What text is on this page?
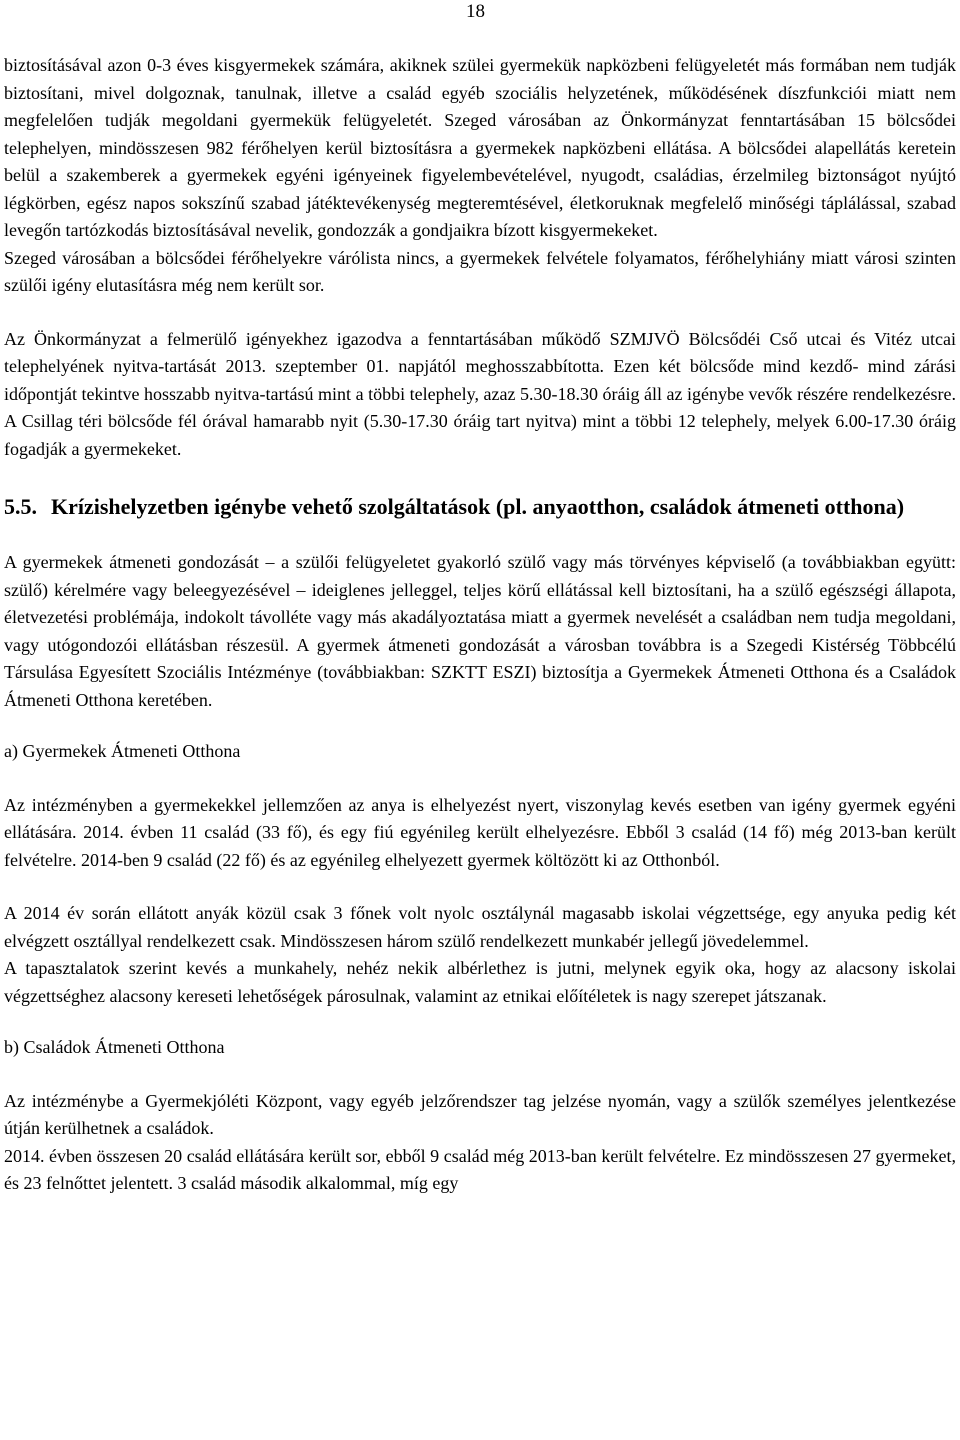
18

biztosításával azon 0-3 éves kisgyermekek számára, akiknek szülei gyermekük napközbeni felügyeletét más formában nem tudják biztosítani, mivel dolgoznak, tanulnak, illetve a család egyéb szociális helyzetének, működésének díszfunkciói miatt nem megfelelően tudják megoldani gyermekük felügyeletét. Szeged városában az Önkormányzat fenntartásában 15 bölcsődei telephelyen, mindösszesen 982 férőhelyen kerül biztosításra a gyermekek napközbeni ellátása. A bölcsődei alapellátás keretein belül a szakemberek a gyermekek egyéni igényeinek figyelembevételével, nyugodt, családias, érzelmileg biztonságot nyújtó légkörben, egész napos sokszínű szabad játéktevékenység megteremtésével, életkoruknak megfelelő minőségi táplálással, szabad levegőn tartózkodás biztosításával nevelik, gondozzák a gondjaikra bízott kisgyermekeket.

Szeged városában a bölcsődei férőhelyekre várólista nincs, a gyermekek felvétele folyamatos, férőhelyhiány miatt városi szinten szülői igény elutasításra még nem került sor.

Az Önkormányzat a felmerülő igényekhez igazodva a fenntartásában működő SZMJVÖ Bölcsődéi Cső utcai és Vitéz utcai telephelyének nyitva-tartását 2013. szeptember 01. napjától meghosszabbította. Ezen két bölcsőde mind kezdő- mind zárási időpontját tekintve hosszabb nyitva-tartású mint a többi telephely, azaz 5.30-18.30 óráig áll az igénybe vevők részére rendelkezésre. A Csillag téri bölcsőde fél órával hamarabb nyit (5.30-17.30 óráig tart nyitva) mint a többi 12 telephely, melyek 6.00-17.30 óráig fogadják a gyermekeket.

5.5. Krízishelyzetben igénybe vehető szolgáltatások (pl. anyaotthon, családok átmeneti otthona)

A gyermekek átmeneti gondozását – a szülői felügyeletet gyakorló szülő vagy más törvényes képviselő (a továbbiakban együtt: szülő) kérelmére vagy beleegyezésével – ideiglenes jelleggel, teljes körű ellátással kell biztosítani, ha a szülő egészségi állapota, életvezetési problémája, indokolt távolléte vagy más akadályoztatása miatt a gyermek nevelését a családban nem tudja megoldani, vagy utógondozói ellátásban részesül. A gyermek átmeneti gondozását a városban továbbra is a Szegedi Kistérség Többcélú Társulása Egyesített Szociális Intézménye (továbbiakban: SZKTT ESZI) biztosítja a Gyermekek Átmeneti Otthona és a Családok Átmeneti Otthona keretében.

a) Gyermekek Átmeneti Otthona

Az intézményben a gyermekekkel jellemzően az anya is elhelyezést nyert, viszonylag kevés esetben van igény gyermek egyéni ellátására. 2014. évben 11 család (33 fő), és egy fiú egyénileg került elhelyezésre. Ebből 3 család (14 fő) még 2013-ban került felvételre. 2014-ben 9 család (22 fő) és az egyénileg elhelyezett gyermek költözött ki az Otthonból.

A 2014 év során ellátott anyák közül csak 3 főnek volt nyolc osztálynál magasabb iskolai végzettsége, egy anyuka pedig két elvégzett osztállyal rendelkezett csak. Mindösszesen három szülő rendelkezett munkabér jellegű jövedelemmel.

A tapasztalatok szerint kevés a munkahely, nehéz nekik albérlethez is jutni, melynek egyik oka, hogy az alacsony iskolai végzettséghez alacsony kereseti lehetőségek párosulnak, valamint az etnikai előítéletek is nagy szerepet játszanak.

b) Családok Átmeneti Otthona

Az intézménybe a Gyermekjóléti Központ, vagy egyéb jelzőrendszer tag jelzése nyomán, vagy a szülők személyes jelentkezése útján kerülhetnek a családok.

2014. évben összesen 20 család ellátására került sor, ebből 9 család még 2013-ban került felvételre. Ez mindösszesen 27 gyermeket, és 23 felnőttet jelentett. 3 család második alkalommal, míg egy
